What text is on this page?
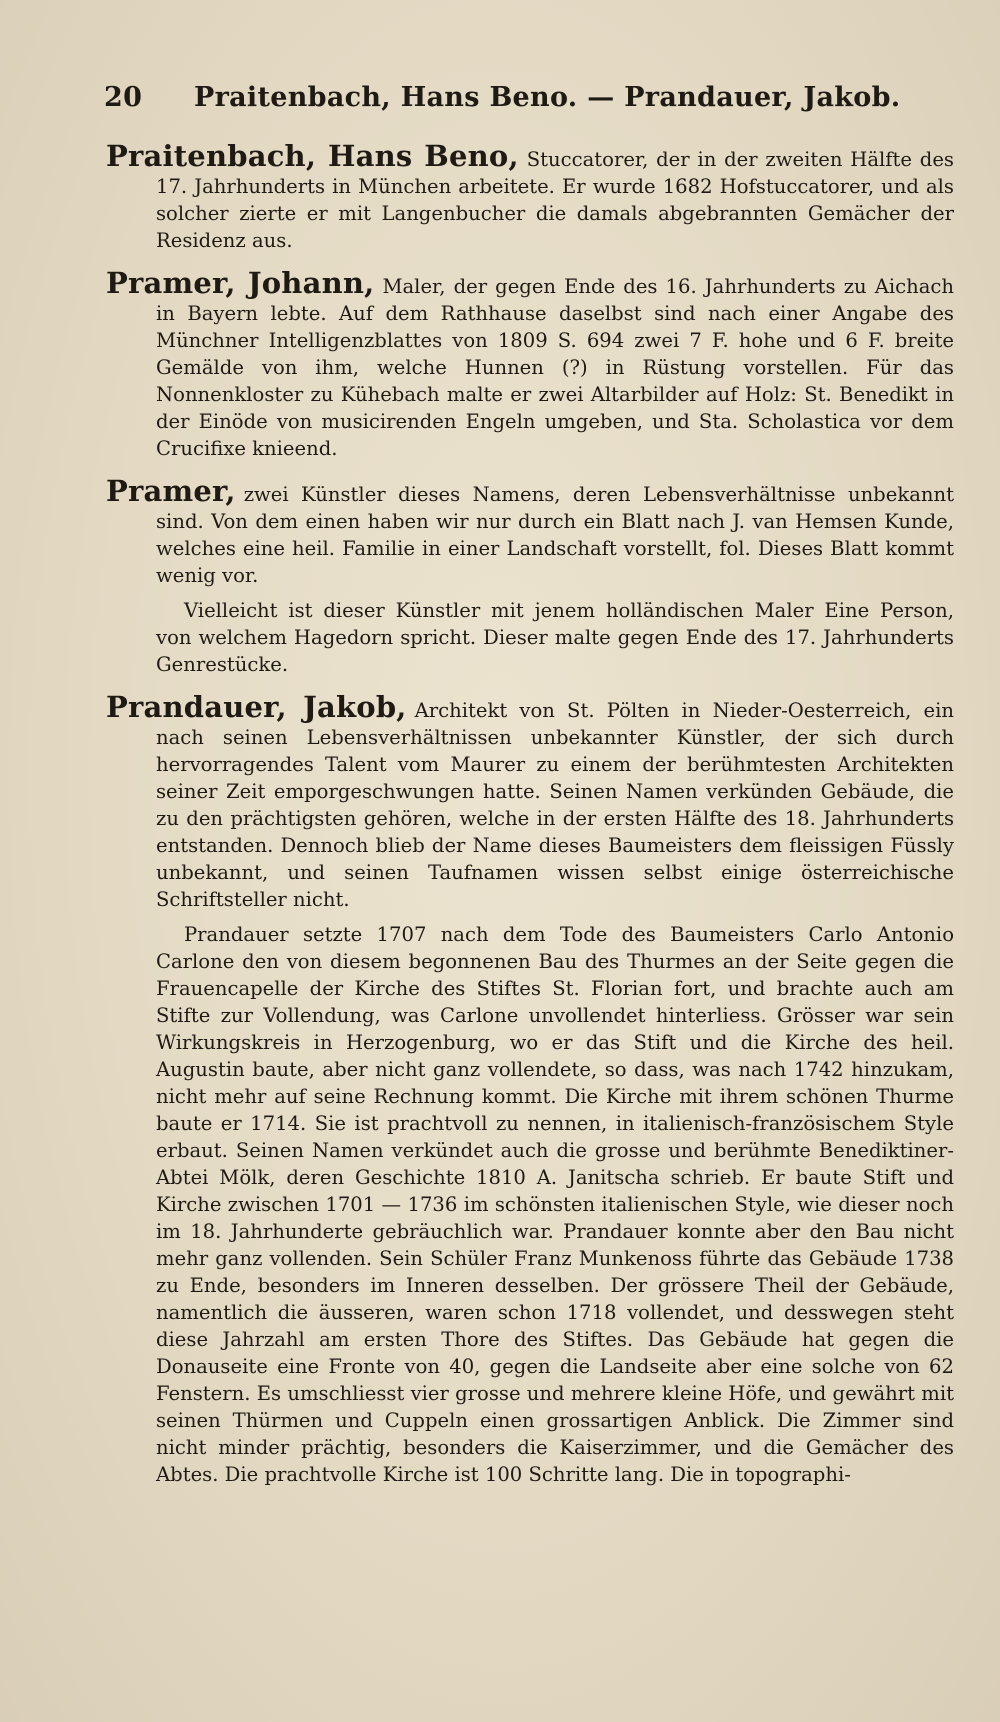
20	Praitenbach, Hans Beno. — Prandauer, Jakob.

Praitenbach, Hans Beno, Stuccatorer, der in der zweiten Hälfte des 17. Jahrhunderts in München arbeitete. Er wurde 1682 Hofstuccatorer, und als solcher zierte er mit Langenbucher die damals abgebrannten Gemächer der Residenz aus.

Pramer, Johann, Maler, der gegen Ende des 16. Jahrhunderts zu Aichach in Bayern lebte. Auf dem Rathhause daselbst sind nach einer Angabe des Münchner Intelligenzblattes von 1809 S. 694 zwei 7 F. hohe und 6 F. breite Gemälde von ihm, welche Hunnen (?) in Rüstung vorstellen. Für das Nonnenkloster zu Kühebach malte er zwei Altarbilder auf Holz: St. Benedikt in der Einöde von musicirenden Engeln umgeben, und Sta. Scholastica vor dem Crucifixe knieend.

Pramer, zwei Künstler dieses Namens, deren Lebensverhältnisse unbekannt sind. Von dem einen haben wir nur durch ein Blatt nach J. van Hemsen Kunde, welches eine heil. Familie in einer Landschaft vorstellt, fol. Dieses Blatt kommt wenig vor.

Vielleicht ist dieser Künstler mit jenem holländischen Maler Eine Person, von welchem Hagedorn spricht. Dieser malte gegen Ende des 17. Jahrhunderts Genrestücke.

Prandauer, Jakob, Architekt von St. Pölten in Nieder-Oesterreich, ein nach seinen Lebensverhältnissen unbekannter Künstler, der sich durch hervorragendes Talent vom Maurer zu einem der berühmtesten Architekten seiner Zeit emporgeschwungen hatte. Seinen Namen verkünden Gebäude, die zu den prächtigsten gehören, welche in der ersten Hälfte des 18. Jahrhunderts entstanden. Dennoch blieb der Name dieses Baumeisters dem fleissigen Füssly unbekannt, und seinen Taufnamen wissen selbst einige österreichische Schriftsteller nicht.

Prandauer setzte 1707 nach dem Tode des Baumeisters Carlo Antonio Carlone den von diesem begonnenen Bau des Thurmes an der Seite gegen die Frauencapelle der Kirche des Stiftes St. Florian fort, und brachte auch am Stifte zur Vollendung, was Carlone unvollendet hinterliess. Grösser war sein Wirkungskreis in Herzogenburg, wo er das Stift und die Kirche des heil. Augustin baute, aber nicht ganz vollendete, so dass, was nach 1742 hinzukam, nicht mehr auf seine Rechnung kommt. Die Kirche mit ihrem schönen Thurme baute er 1714. Sie ist prachtvoll zu nennen, in italienisch-französischem Style erbaut. Seinen Namen verkündet auch die grosse und berühmte Benediktiner-Abtei Mölk, deren Geschichte 1810 A. Janitscha schrieb. Er baute Stift und Kirche zwischen 1701 — 1736 im schönsten italienischen Style, wie dieser noch im 18. Jahrhunderte gebräuchlich war. Prandauer konnte aber den Bau nicht mehr ganz vollenden. Sein Schüler Franz Munkenoss führte das Gebäude 1738 zu Ende, besonders im Inneren desselben. Der grössere Theil der Gebäude, namentlich die äusseren, waren schon 1718 vollendet, und desswegen steht diese Jahrzahl am ersten Thore des Stiftes. Das Gebäude hat gegen die Donauseite eine Fronte von 40, gegen die Landseite aber eine solche von 62 Fenstern. Es umschliesst vier grosse und mehrere kleine Höfe, und gewährt mit seinen Thürmen und Cuppeln einen grossartigen Anblick. Die Zimmer sind nicht minder prächtig, besonders die Kaiserzimmer, und die Gemächer des Abtes. Die prachtvolle Kirche ist 100 Schritte lang. Die in topographi-
